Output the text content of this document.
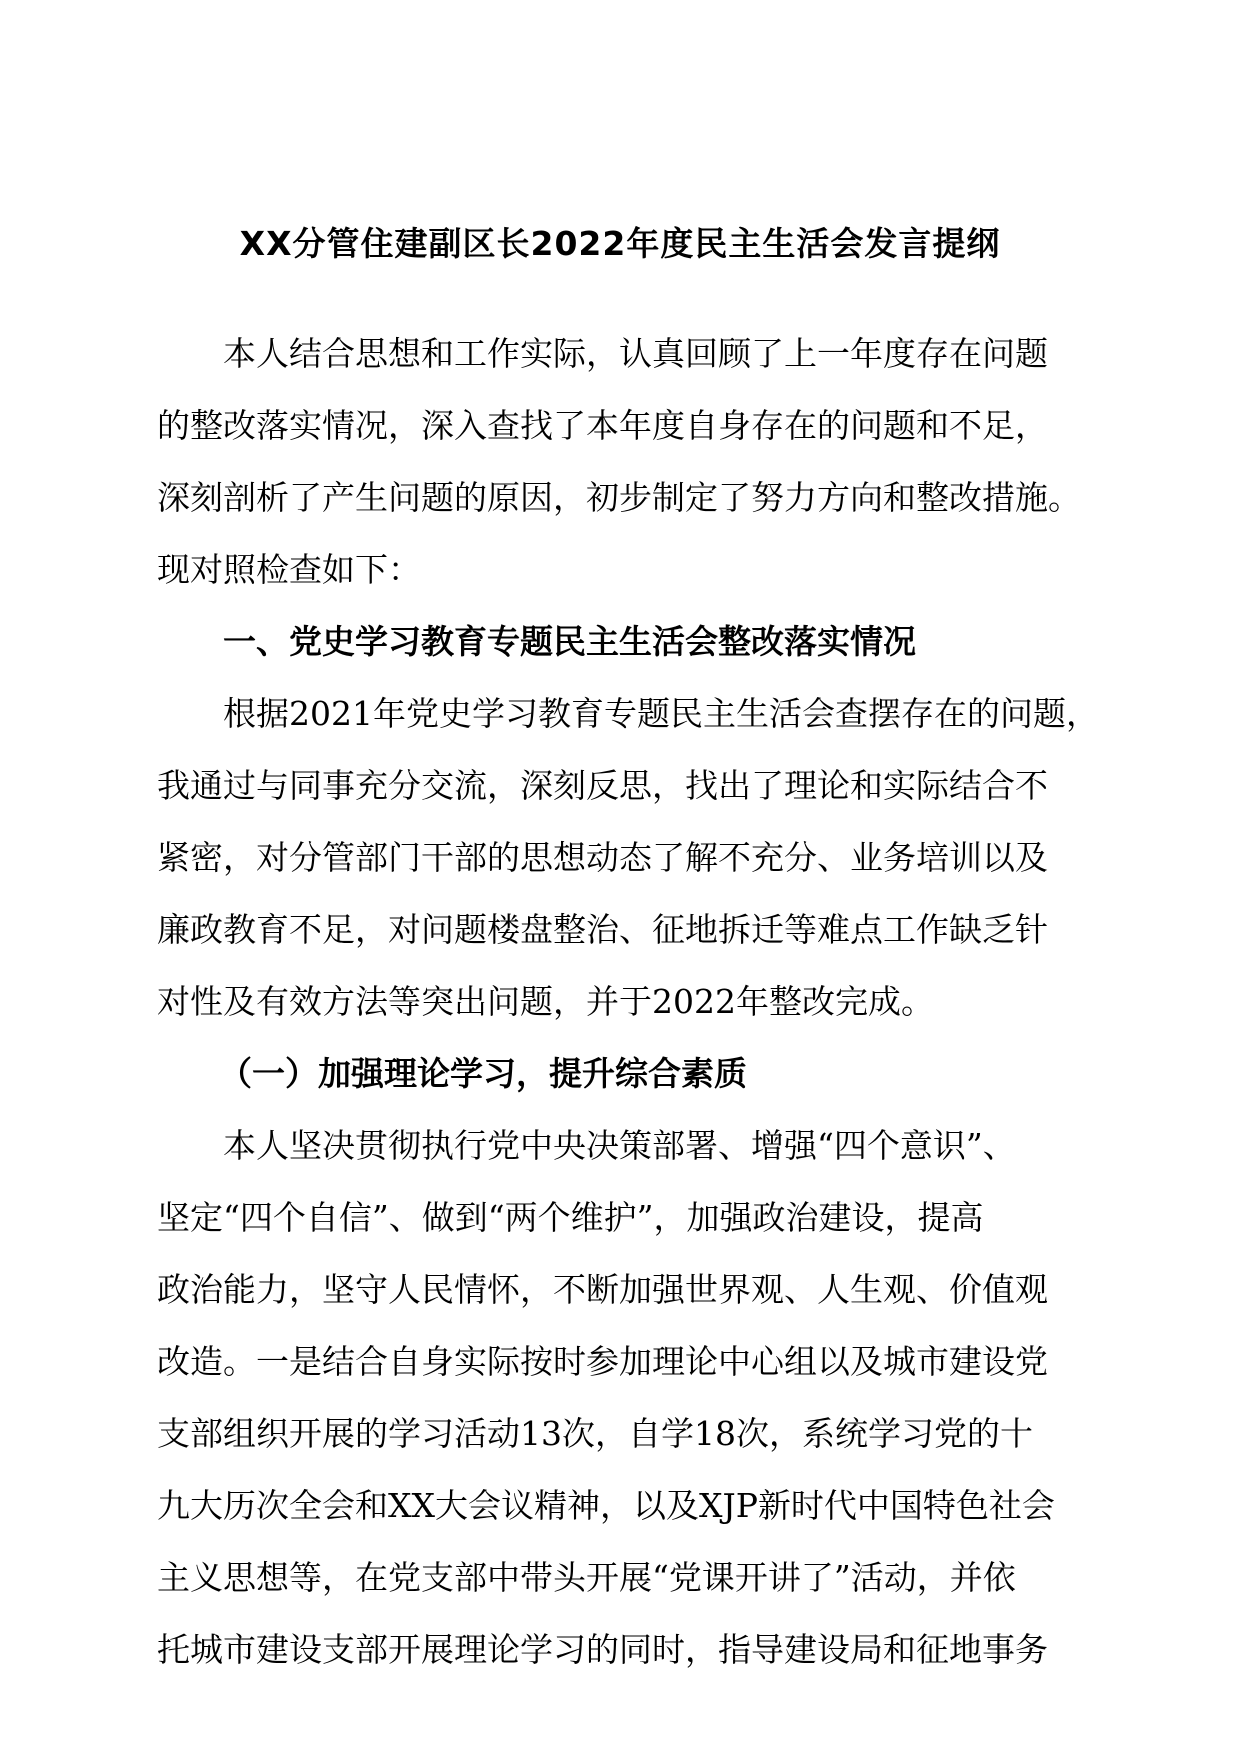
XX分管住建副区长2022年度民主生活会发言提纲
本人结合思想和工作实际，认真回顾了上一年度存在问题
的整改落实情况，深入查找了本年度自身存在的问题和不足，
深刻剖析了产生问题的原因，初步制定了努力方向和整改措施。
现对照检查如下：
一、党史学习教育专题民主生活会整改落实情况
根据2021年党史学习教育专题民主生活会查摆存在的问题，
我通过与同事充分交流，深刻反思，找出了理论和实际结合不
紧密，对分管部门干部的思想动态了解不充分、业务培训以及
廉政教育不足，对问题楼盘整治、征地拆迁等难点工作缺乏针
对性及有效方法等突出问题，并于2022年整改完成。
（一）加强理论学习，提升综合素质
本人坚决贯彻执行党中央决策部署、增强“四个意识”、
坚定“四个自信”、做到“两个维护”，加强政治建设，提高
政治能力，坚守人民情怀，不断加强世界观、人生观、价值观
改造。一是结合自身实际按时参加理论中心组以及城市建设党
支部组织开展的学习活动13次，自学18次，系统学习党的十
九大历次全会和XX大会议精神，以及XJP新时代中国特色社会
主义思想等，在党支部中带头开展“党课开讲了”活动，并依
托城市建设支部开展理论学习的同时，指导建设局和征地事务
